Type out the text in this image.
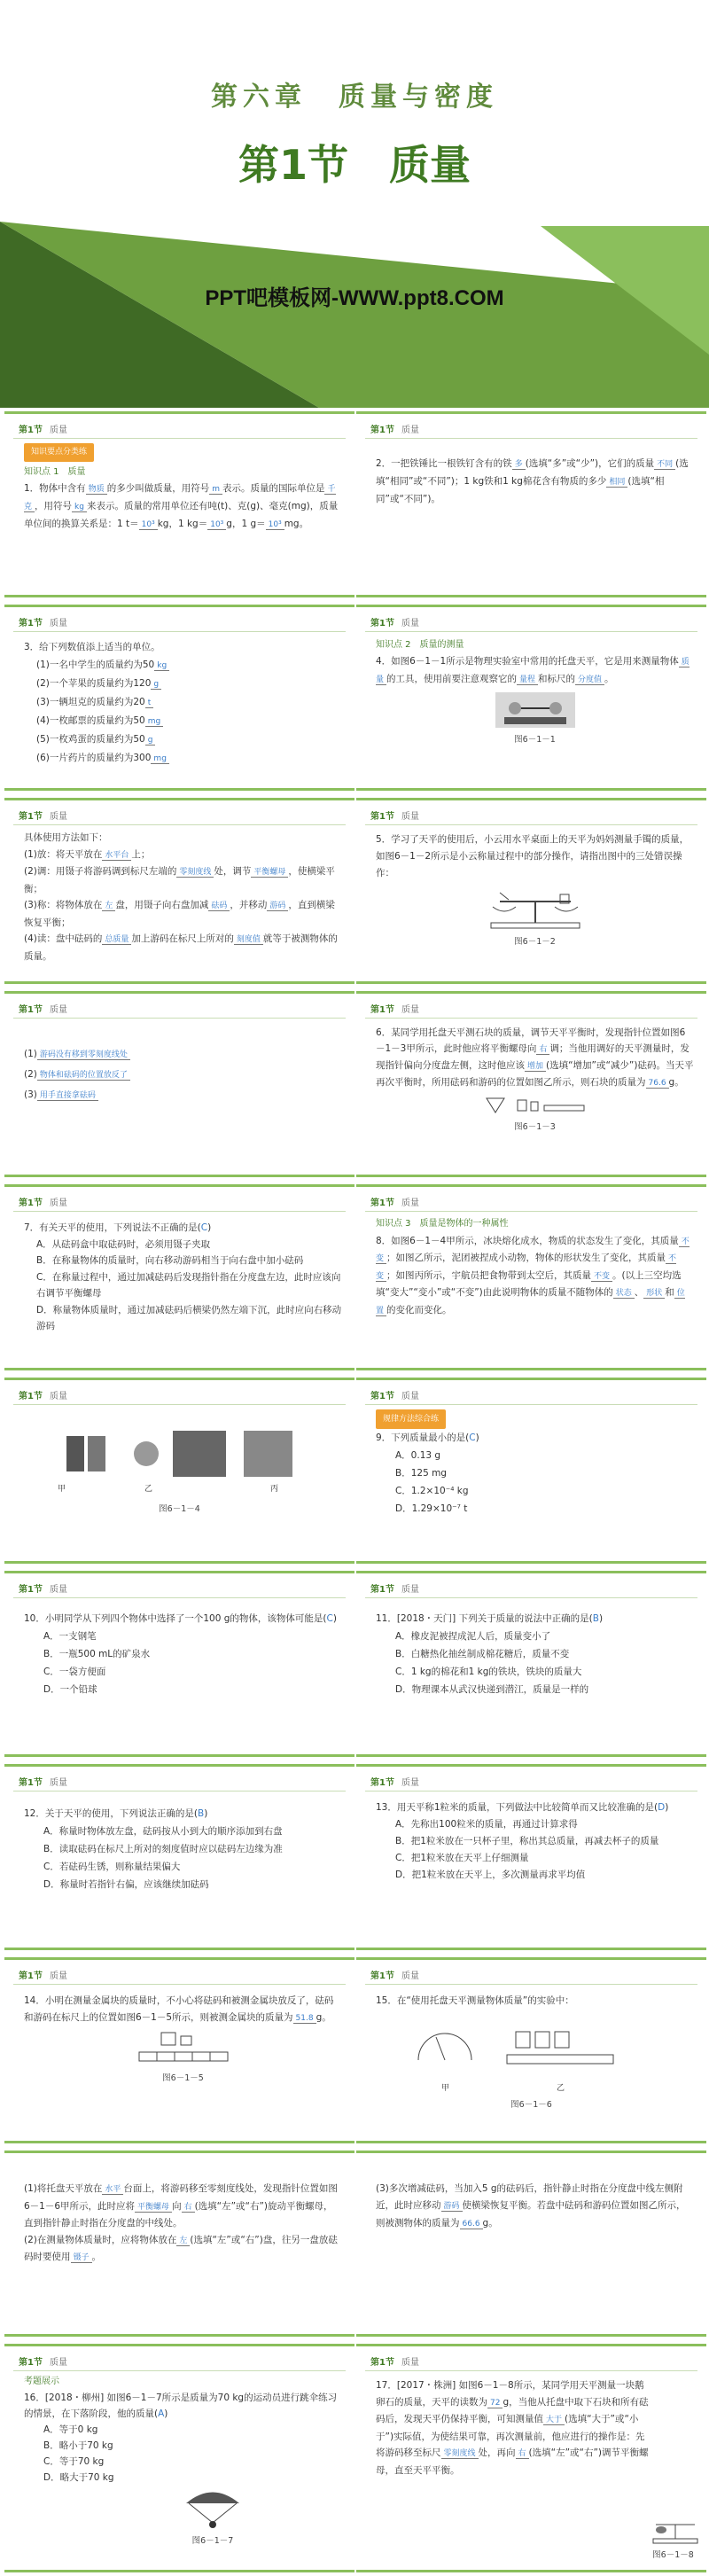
第六章　质量与密度
第1节　质量
PPT吧模板网-WWW.ppt8.COM
第1节 质量

知识要点分类练

知识点 1　质量

1．物体中含有 物质 的多少叫做质量，用符号 m 表示。质量的国际单位是 千克 ，用符号 kg 来表示。质量的常用单位还有吨(t)、克(g)、毫克(mg)，质量单位间的换算关系是：1 t＝ 10³ kg，1 kg＝ 10³ g，1 g＝ 10³ mg。

第1节 质量

2．一把铁锤比一根铁钉含有的铁 多 (选填“多”或“少”)，它们的质量 不同 (选填“相同”或“不同”)；1 kg铁和1 kg棉花含有物质的多少 相同 (选填“相同”或“不同”)。

第1节 质量

3．给下列数值添上适当的单位。

(1)一名中学生的质量约为50 kg

(2)一个苹果的质量约为120 g

(3)一辆坦克的质量约为20 t

(4)一枚邮票的质量约为50 mg

(5)一枚鸡蛋的质量约为50 g

(6)一片药片的质量约为300 mg

第1节 质量

知识点 2　质量的测量

4．如图6－1－1所示是物理实验室中常用的托盘天平，它是用来测量物体 质量 的工具，使用前要注意观察它的 量程 和标尺的 分度值 。

图6－1－1

第1节 质量

具体使用方法如下：

(1)放：将天平放在 水平台 上；

(2)调：用镊子将游码调到标尺左端的 零刻度线 处，调节 平衡螺母 ，使横梁平衡；

(3)称：将物体放在 左 盘，用镊子向右盘加减 砝码 ，并移动 游码 ，直到横梁恢复平衡；

(4)读：盘中砝码的 总质量 加上游码在标尺上所对的 刻度值 就等于被测物体的质量。

第1节 质量

5．学习了天平的使用后，小云用水平桌面上的天平为妈妈测量手镯的质量，如图6－1－2所示是小云称量过程中的部分操作，请指出图中的三处错误操作：

图6－1－2

第1节 质量

(1) 游码没有移到零刻度线处

(2) 物体和砝码的位置放反了

(3) 用手直接拿砝码

第1节 质量

6．某同学用托盘天平测石块的质量，调节天平平衡时，发现指针位置如图6－1－3甲所示，此时他应将平衡螺母向 右 调；当他用调好的天平测量时，发现指针偏向分度盘左侧，这时他应该 增加 (选填“增加”或“减少”)砝码。当天平再次平衡时，所用砝码和游码的位置如图乙所示，则石块的质量为 76.6 g。

图6－1－3

第1节 质量

7．有关天平的使用，下列说法不正确的是(C)

A．从砝码盒中取砝码时，必须用镊子夹取

B．在称量物体的质量时，向右移动游码相当于向右盘中加小砝码

C．在称量过程中，通过加减砝码后发现指针指在分度盘左边，此时应该向右调节平衡螺母

D．称量物体质量时，通过加减砝码后横梁仍然左端下沉，此时应向右移动游码

第1节 质量

知识点 3　质量是物体的一种属性

8．如图6－1－4甲所示，冰块熔化成水，物质的状态发生了变化，其质量 不变 ；如图乙所示，泥团被捏成小动物，物体的形状发生了变化，其质量 不变 ；如图丙所示，宇航员把食物带到太空后，其质量 不变 。(以上三空均选填“变大”“变小”或“不变”)由此说明物体的质量不随物体的 状态 、 形状 和 位置 的变化而变化。

第1节 质量
甲	乙	丙
图6－1－4
第1节 质量

规律方法综合练

9．下列质量最小的是(C)

A．0.13 g

B．125 mg

C．1.2×10⁻⁴ kg

D．1.29×10⁻⁷ t

第1节 质量

10．小明同学从下列四个物体中选择了一个100 g的物体，该物体可能是(C)

A．一支钢笔

B．一瓶500 mL的矿泉水

C．一袋方便面

D．一个铅球

第1节 质量

11．[2018・天门] 下列关于质量的说法中正确的是(B)

A．橡皮泥被捏成泥人后，质量变小了

B．白糖热化抽丝制成棉花糖后，质量不变

C．1 kg的棉花和1 kg的铁块，铁块的质量大

D．物理课本从武汉快递到潜江，质量是一样的

第1节 质量

12．关于天平的使用，下列说法正确的是(B)

A．称量时物体放左盘，砝码按从小到大的顺序添加到右盘

B．读取砝码在标尺上所对的刻度值时应以砝码左边缘为准

C．若砝码生锈，则称量结果偏大

D．称量时若指针右偏，应该继续加砝码

第1节 质量

13．用天平称1粒米的质量，下列做法中比较简单而又比较准确的是(D)

A．先称出100粒米的质量，再通过计算求得

B．把1粒米放在一只杯子里，称出其总质量，再减去杯子的质量

C．把1粒米放在天平上仔细测量

D．把1粒米放在天平上，多次测量再求平均值

第1节 质量

14．小明在测量金属块的质量时，不小心将砝码和被测金属块放反了，砝码和游码在标尺上的位置如图6－1－5所示，则被测金属块的质量为 51.8 g。

图6－1－5

第1节 质量

15．在“使用托盘天平测量物体质量”的实验中：

甲	乙
图6－1－6

(1)将托盘天平放在 水平 台面上，将游码移至零刻度线处，发现指针位置如图6－1－6甲所示，此时应将 平衡螺母 向 右 (选填“左”或“右”)旋动平衡螺母，直到指针静止时指在分度盘的中线处。

(2)在测量物体质量时，应将物体放在 左 (选填“左”或“右”)盘，往另一盘放砝码时要使用 镊子 。

(3)多次增减砝码，当加入5 g的砝码后，指针静止时指在分度盘中线左侧附近，此时应移动 游码 使横梁恢复平衡。若盘中砝码和游码位置如图乙所示，则被测物体的质量为 66.6 g。

第1节 质量

考题展示

16．[2018・柳州] 如图6－1－7所示是质量为70 kg的运动员进行跳伞练习的情景，在下落阶段，他的质量(A)

A．等于0 kg

B．略小于70 kg

C．等于70 kg

D．略大于70 kg

图6－1－7
第1节 质量

17．[2017・株洲] 如图6－1－8所示，某同学用天平测量一块鹅卵石的质量，天平的读数为 72 g，当他从托盘中取下石块和所有砝码后，发现天平仍保持平衡，可知测量值 大于 (选填“大于”或“小于”)实际值，为使结果可靠，再次测量前，他应进行的操作是：先将游码移至标尺 零刻度线 处，再向 右 (选填“左”或“右”)调节平衡螺母，直至天平平衡。

图6－1－8
